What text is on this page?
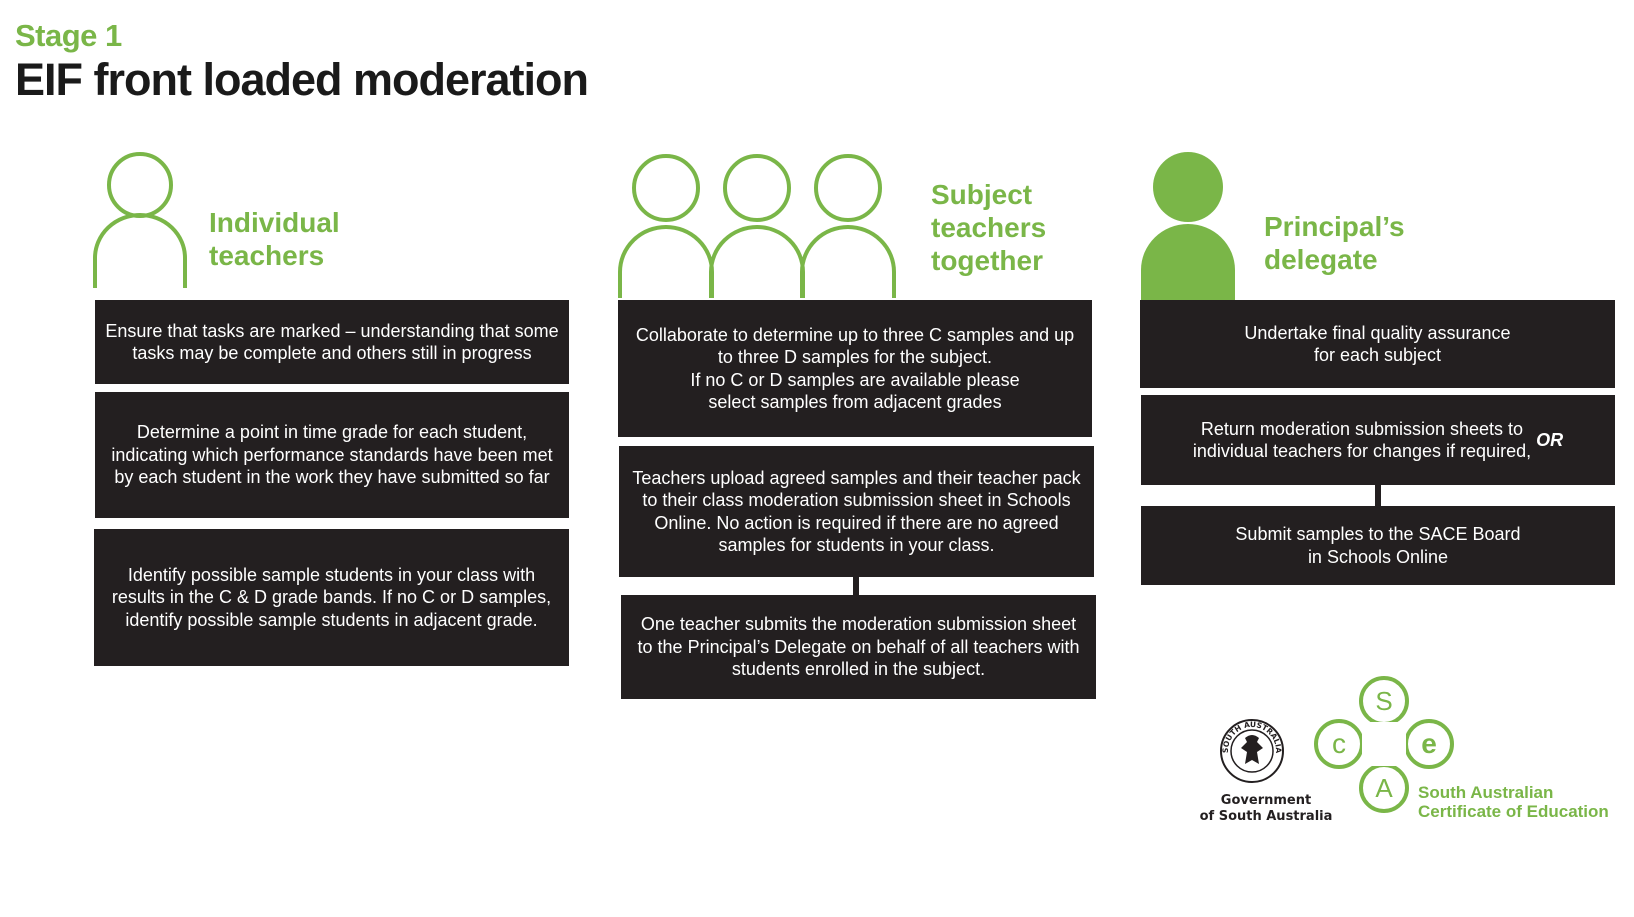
Stage 1
EIF front loaded moderation
Individual
teachers
Ensure that tasks are marked – understanding that some tasks may be complete and others still in progress
Determine a point in time grade for each student, indicating which performance standards have been met by each student in the work they have submitted so far
Identify possible sample students in your class with results in the C & D grade bands. If no C or D samples, identify possible sample students in adjacent grade.
Subject
teachers
together
Collaborate to determine up to three C samples and up to three D samples for the subject.
If no C or D samples are available please
select samples from adjacent grades
Teachers upload agreed samples and their teacher pack to their class moderation submission sheet in Schools Online. No action is required if there are no agreed samples for students in your class.
One teacher submits the moderation submission sheet to the Principal’s Delegate on behalf of all teachers with students enrolled in the subject.
Principal’s
delegate
Undertake final quality assurance
for each subject
Return moderation submission sheets to
individual teachers for changes if required,

OR
Submit samples to the SACE Board
in Schools Online
SOUTH AUSTRALIA
Government
of South Australia
S
c	e
A South Australian
Certificate of Education
